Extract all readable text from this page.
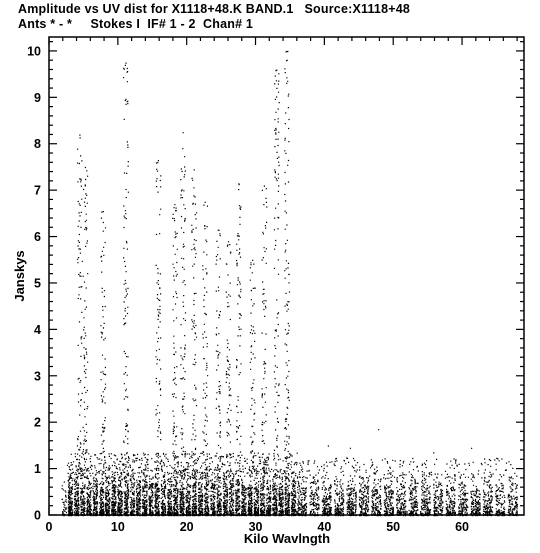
Amplitude vs UV dist for X1118+48.K BAND.1   Source:X1118+48
Ants * - *     Stokes I  IF# 1 - 2  Chan# 1
0	10	20	30	40	50	60
0
1
2
3
4
5
6
7
8
9
10
Kilo Wavlngth
Janskys
